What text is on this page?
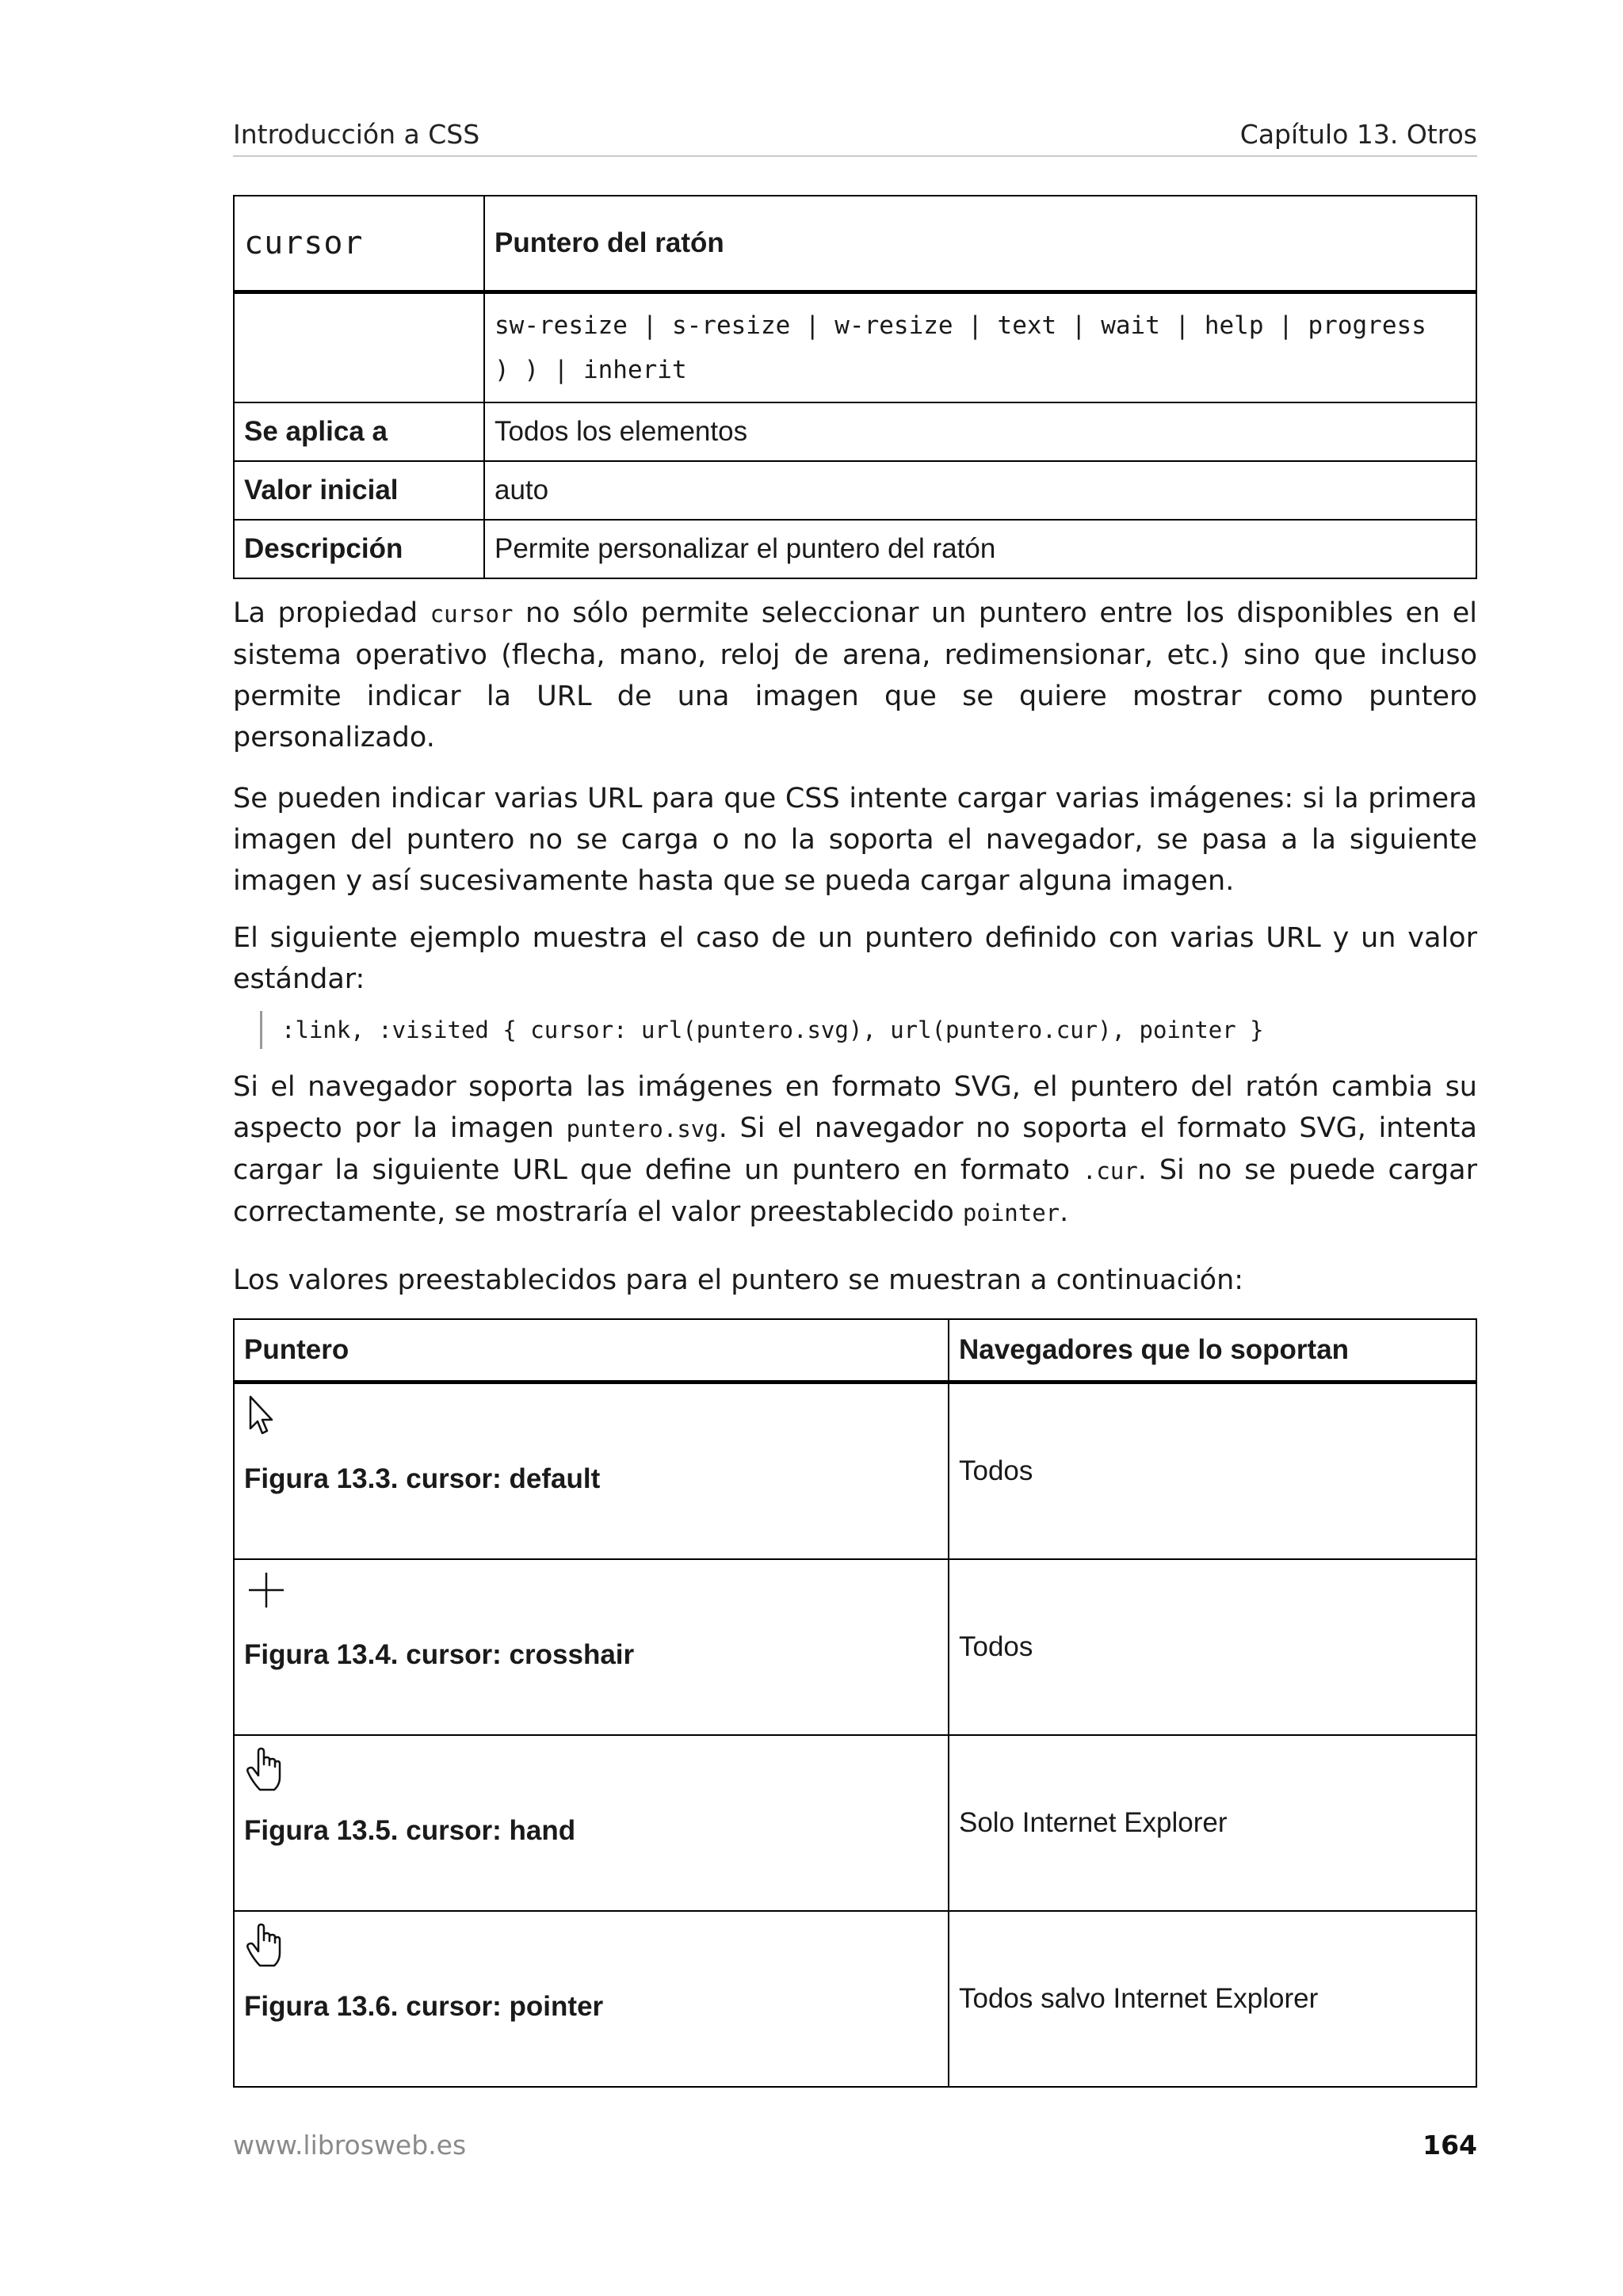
Introducción a CSS	Capítulo 13. Otros
cursor	Puntero del ratón

	sw-resize | s-resize | w-resize | text | wait | help | progress
) ) | inherit

Se aplica a	Todos los elementos
Valor inicial	auto
Descripción	Permite personalizar el puntero del ratón
La propiedad cursor no sólo permite seleccionar un puntero entre los disponibles en el sistema operativo (flecha, mano, reloj de arena, redimensionar, etc.) sino que incluso permite indicar la URL de una imagen que se quiere mostrar como puntero personalizado.
Se pueden indicar varias URL para que CSS intente cargar varias imágenes: si la primera imagen del puntero no se carga o no la soporta el navegador, se pasa a la siguiente imagen y así sucesivamente hasta que se pueda cargar alguna imagen.
El siguiente ejemplo muestra el caso de un puntero definido con varias URL y un valor estándar:
:link, :visited { cursor: url(puntero.svg), url(puntero.cur), pointer }
Si el navegador soporta las imágenes en formato SVG, el puntero del ratón cambia su aspecto por la imagen puntero.svg. Si el navegador no soporta el formato SVG, intenta cargar la siguiente URL que define un puntero en formato .cur. Si no se puede cargar correctamente, se mostraría el valor preestablecido pointer.
Los valores preestablecidos para el puntero se muestran a continuación:
Puntero	Navegadores que lo soportan

Figura 13.3. cursor: default	Todos

Figura 13.4. cursor: crosshair	Todos

Figura 13.5. cursor: hand	Solo Internet Explorer

Figura 13.6. cursor: pointer	Todos salvo Internet Explorer
www.librosweb.es	164
